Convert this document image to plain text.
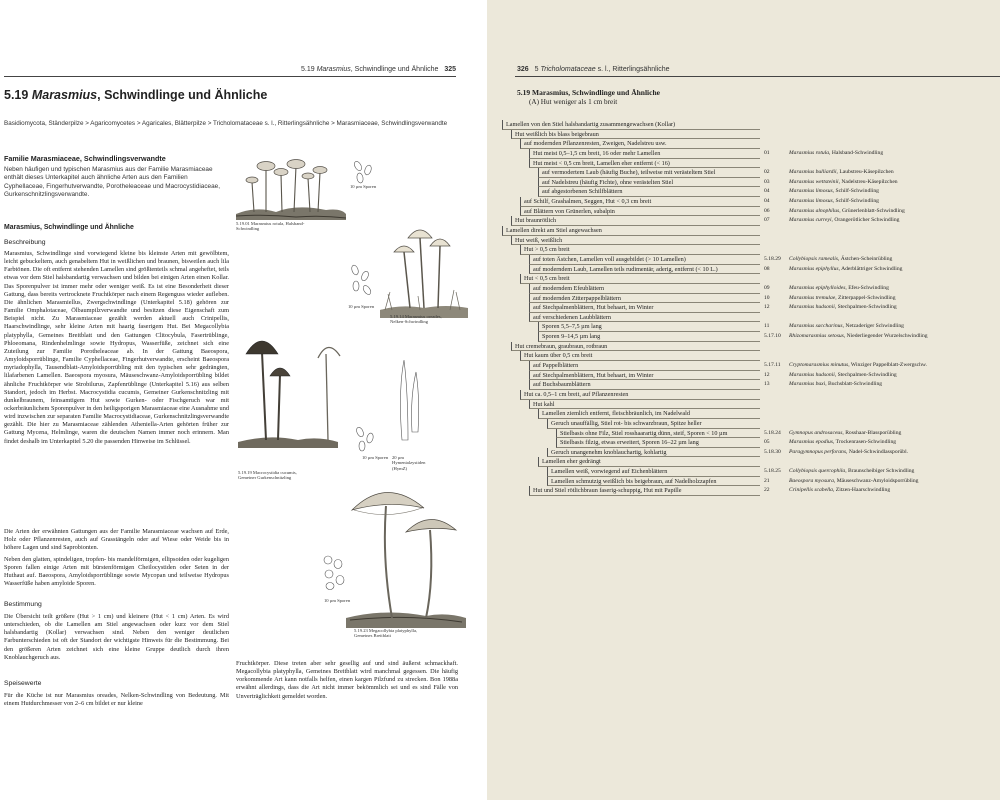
5.19 Marasmius, Schwindlinge und Ähnliche 325
5.19 Marasmius, Schwindlinge und Ähnliche
Basidiomycota, Ständerpilze > Agaricomycetes > Agaricales, Blätterpilze > Tricholomataceae s. l., Ritterlingsähnliche > Marasmiaceae, Schwindlingsverwandte
Familie Marasmiaceae, Schwindlingsverwandte
Neben häufigen und typischen Marasmius aus der Familie Marasmiaceae enthält dieses Unterkapitel auch ähnliche Arten aus den Familien Cyphellaceae, Fingerhutverwandte, Porotheleaceae und Macrocystidiaceae, Gurkenschnitzlingsverwandte.
Marasmius, Schwindlinge und Ähnliche
Beschreibung
Marasmius, Schwindlinge sind vorwiegend kleine bis kleinste Arten mit gewölbtem, leicht gebuckeltem, auch genabeltem Hut in weißlichen und braunen, bisweilen auch lila Farbtönen. Die oft entfernt stehenden Lamellen sind größtenteils schmal angeheftet, teils etwas vor dem Stiel halsbandartig verwachsen und bilden bei einigen Arten einen Kollar. Das Sporenpulver ist immer mehr oder weniger weiß. Es ist eine Besonderheit dieser Gattung, dass bereits vertrocknete Fruchtkörper nach einem Regenguss wieder aufleben. Die ähnlichen Marasmiellus, Zwergschwindlinge (Unterkapitel 5.18) gehören zur Familie Omphalotaceae, Ölbaumpilzverwandte und besitzen diese Eigenschaft zum Beispiel nicht. Zu Marasmiaceae gezählt werden aktuell auch Crinipellis, Haarschwindlinge, sehr kleine Arten mit haarig faserigem Hut. Bei Megacollybia platyphylla, Gemeines Breitblatt und den Gattungen Clitocybula, Fasertrüblinge, Phloeomana, Rindenhelmlinge sowie Hydropus, Wasserfüße, zeichnet sich eine Zuteilung zur Familie Porotheleaceae ab. In der Gattung Baeospora, Amyloidsporrüblinge, Familie Cyphellaceae, Fingerhutverwandte, erscheint Baeospora myriadophylla, Tausendblatt-Amyloidsporrübling mit den typischen sehr gedrängten, lilafarbenen Lamellen. Baeospora myosura, Mäuseschwanz-Amyloidsporrübling bildet ähnliche Fruchtkörper wie Strobilurus, Zapfenrüblinge (Unterkapitel 5.16) aus selben Standort, jedoch im Herbst. Macrocystidia cucumis, Gemeiner Gurkenschnitzling mit dunkelbraunem, feinsamtigem Hut sowie Gurken- oder Fischgeruch war mit ockerbräunlichem Sporenpulver in den heiligsporigen Marasmiaceae eine Ausnahme und wird inzwischen zur separaten Familie Macrocystidiaceae, Gurkenschnitzlingsverwandte gezählt. Die hier zu Marasmiaceae zählenden Atheniella-Arten gehörten früher zur Gattung Mycena, Helmlinge, waren die deutschen Namen immer noch erinnern. Man findet deshalb im Unterkapitel 5.20 die passenden Hinweise im Schlüssel.
Die Arten der erwähnten Gattungen aus der Familie Marasmiaceae wachsen auf Erde, Holz oder Pflanzenresten, auch auf Grasstängeln oder auf Wiese oder Weide bis in höhere Lagen und sind Saprobionten.
Neben den glatten, spindeligen, tropfen- bis mandelförmigen, ellipsoiden oder kugeligen Sporen fallen einige Arten mit bürstenförmigen Cheilocystiden oder Seten in der Huthaut auf. Baeospora, Amyloidsporrüblinge sowie Mycopan und teilweise Hydropus Wasserfüße haben amyloide Sporen.
Bestimmung
Die Übersicht teilt größere (Hut > 1 cm) und kleinere (Hut < 1 cm) Arten. Es wird unterschieden, ob die Lamellen am Stiel angewachsen oder kurz vor dem Stiel halsbandartig (Kollar) verwachsen sind. Neben den weniger deutlichen Farbunterschieden ist oft der Standort der wichtigste Hinweis für die Bestimmung. Bei den größeren Arten zeichnet sich eine kleine Gruppe deutlich durch ihren Knoblauchgeruch aus.
Speisewerte
Für die Küche ist nur Marasmius oreades, Nelken-Schwindling von Bedeutung. Mit einem Hutdurchmesser von 2–6 cm bildet er nur kleine
Fruchtkörper. Diese treten aber sehr gesellig auf und sind äußerst schmackhaft. Megacollybia platyphylla, Gemeines Breitblatt wird manchmal gegessen. Die häufig vorkommende Art kann notfalls helfen, einen kargen Pilzfund zu strecken. Bon 1988a erwähnt allerdings, dass die Art nicht immer bekömmlich sei und es sind Fälle von Unverträglichkeit gemeldet worden.
5.19.01 Marasmius rotula, Halsband-Schwindling
10 µm Sporen
10 µm Sporen
5.19.14 Marasmius oreades, Nelken-Schwindling
10 µm Sporen 20 µm Hymenialzystiden (HymZ)
5.19.19 Macrocystidia cucumis, Gemeiner Gurkenschnitzling
10 µm Sporen
5.19.23 Megacollybia platyphylla, Gemeines Breitblatt
326 5 Tricholomataceae s. l., Ritterlingsähnliche
5.19 Marasmius, Schwindlinge und Ähnliche
(A) Hut weniger als 1 cm breit
Lamellen von den Stiel halsbandartig zusammengewachsen (Kollar)
Hut weißlich bis blass beigebraun
auf modernden Pflanzenresten, Zweigen, Nadelstreu usw.
Hut meist 0,5–1,5 cm breit, 16 oder mehr Lamellen	01	Marasmius rotula, Halsband-Schwindling
Hut meist < 0,5 cm breit, Lamellen eher entfernt (< 16)
auf vermodertem Laub (häufig Buche), teilweise mit verästeltem Stiel	02	Marasmius bulliardii, Laubstreu-Käsepilzchen
auf Nadelstreu (häufig Fichte), ohne verästelten Stiel	03	Marasmius wettsteinii, Nadelstreu-Käsepilzchen
auf abgestorbenen Schilfblättern	04	Marasmius limosus, Schilf-Schwindling
auf Schilf, Grashalmen, Seggen, Hut < 0,3 cm breit	04	Marasmius limosus, Schilf-Schwindling
auf Blättern von Grünerlen, subalpin	06	Marasmius alnophilus, Grünerlenblatt-Schwindling
Hut braunrötlich	07	Marasmius curreyi, Orangerötlicher Schwindling
Lamellen direkt am Stiel angewachsen
Hut weiß, weißlich
Hut > 0,5 cm breit
auf toten Ästchen, Lamellen voll ausgebildet (> 10 Lamellen)	5.18.29 Collybiopsis ramealis, Ästchen-Scheinrübling
auf moderndem Laub, Lamellen teils rudimentär, aderig, entfernt (< 10 L.)	08	Marasmius epiphyllus, Aderblättriger Schwindling
Hut < 0,5 cm breit
auf moderndem Efeublättern	09	Marasmius epiphylloides, Efeu-Schwindling
auf modernden Zitterpappelblättern	10	Marasmius tremulae, Zitterpappel-Schwindling
auf Stechpalmenblättern, Hut behaart, im Winter	12	Marasmius hudsonii, Stechpalmen-Schwindling
auf verschiedenen Laubblättern
Sporen 5,5–7,5 µm lang	11	Marasmius saccharinus, Netzaderiger Schwindling
Sporen 9–14,5 µm lang	5.17.10 Rhizomarasmius setosus, Niederliegender Wurzelschwindling
Hut cremebraun, graubraun, rotbraun
Hut kaum über 0,5 cm breit
auf Pappelblättern	5.17.11 Cryptomarasmius minutus, Winziger Pappelblatt-Zwergschw.
auf Stechpalmenblättern, Hut behaart, im Winter	12	Marasmius hudsonii, Stechpalmen-Schwindling
auf Buchsbaumblättern	13	Marasmius buxi, Buchsblatt-Schwindling
Hut ca. 0,5–1 cm breit, auf Pflanzenresten
Hut kahl
Lamellen ziemlich entfernt, fleischbräunlich, im Nadelwald
Geruch unauffällig, Stiel rot- bis schwarzbraun, Spitze heller
Stielbasis ohne Filz, Stiel rosshaarartig dünn, steif, Sporen < 10 µm	5.18.24 Gymnopus androsaceus, Rosshaar-Blassporübling
Stielbasis filzig, etwas erweitert, Sporen 16–22 µm lang	05	Marasmius epodius, Trockenrasen-Schwindling
Geruch unangenehm knoblauchartig, kohlartig	5.18.30 Paragymnopus perforans, Nadel-Schwindlassporübl.
Lamellen eher gedrängt
Lamellen weiß, vorwiegend auf Eichenblättern	5.18.25 Collybiopsis quercophila, Braunscheibiger Schwindling
Lamellen schmutzig weißlich bis beigebraun, auf Nadelholzzapfen	21	Baeospora myosura, Mäuseschwanz-Amyloidsporrübling
Hut und Stiel rötlichbraun faserig-schuppig, Hut mit Papille	22	Crinipellis scabella, Zitzen-Haarschwindling
